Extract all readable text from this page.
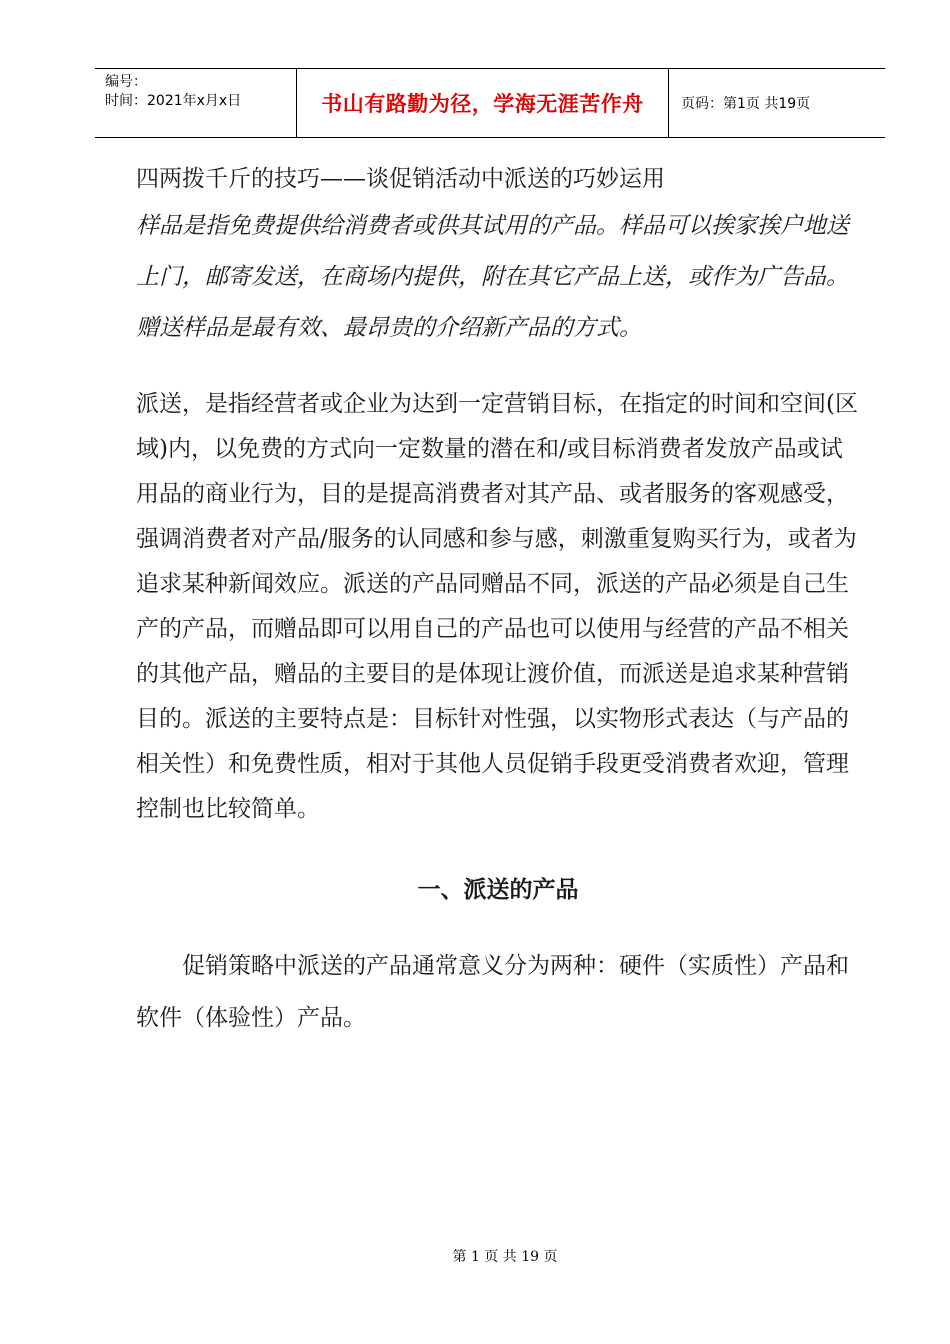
编号：
时间：2021年x月x日	书山有路勤为径，学海无涯苦作舟	页码：第1页 共19页

四两拨千斤的技巧——谈促销活动中派送的巧妙运用

样品是指免费提供给消费者或供其试用的产品。样品可以挨家挨户地送上门，邮寄发送，在商场内提供，附在其它产品上送，或作为广告品。赠送样品是最有效、最昂贵的介绍新产品的方式。

派送，是指经营者或企业为达到一定营销目标，在指定的时间和空间(区域)内，以免费的方式向一定数量的潜在和/或目标消费者发放产品或试用品的商业行为，目的是提高消费者对其产品、或者服务的客观感受，强调消费者对产品/服务的认同感和参与感，刺激重复购买行为，或者为追求某种新闻效应。派送的产品同赠品不同，派送的产品必须是自己生产的产品，而赠品即可以用自己的产品也可以使用与经营的产品不相关的其他产品，赠品的主要目的是体现让渡价值，而派送是追求某种营销目的。派送的主要特点是：目标针对性强，以实物形式表达（与产品的相关性）和免费性质，相对于其他人员促销手段更受消费者欢迎，管理控制也比较简单。

一、派送的产品

促销策略中派送的产品通常意义分为两种：硬件（实质性）产品和软件（体验性）产品。

第 1 页 共 19 页
